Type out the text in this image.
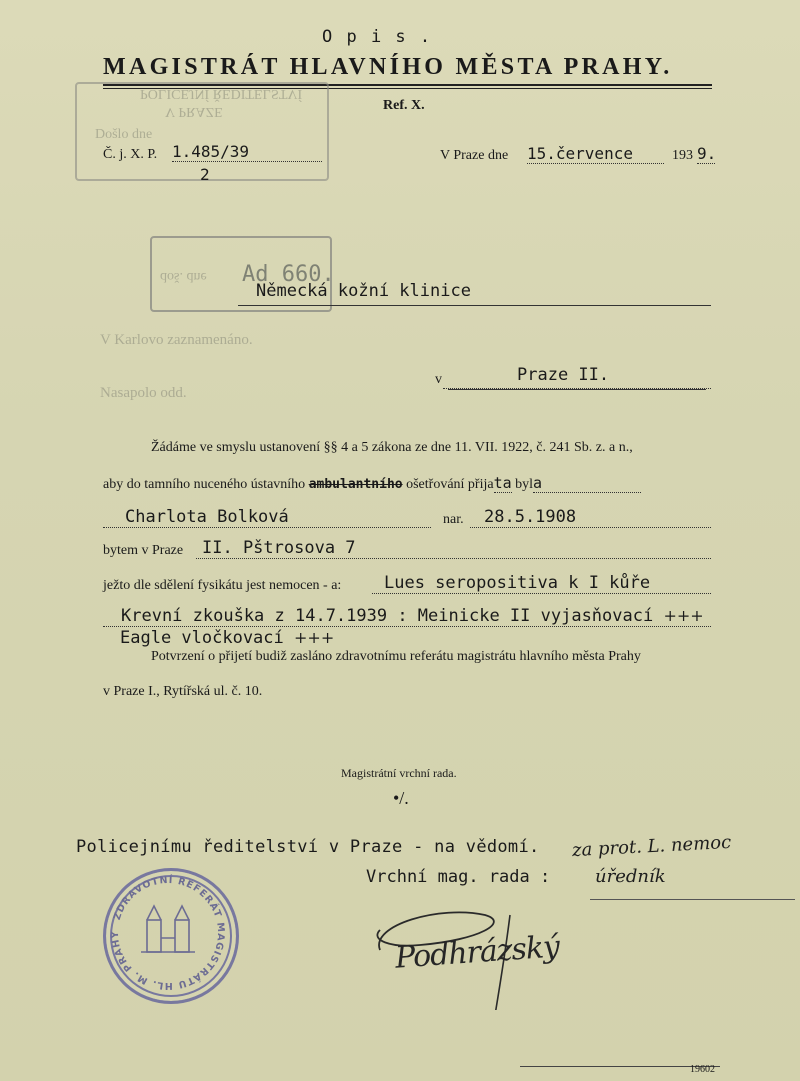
O p i s .
MAGISTRÁT HLAVNÍHO MĚSTA PRAHY.
Ref. X.
POLICEJNÍ ŘEDITELSTVÍ
V PRAZE
Došlo dne
Č. j. X. P. 1.485/39
2
V Praze dne 15.července	193 9.
doš. dne Ad 660.
V Karlovo zaznamenáno.
Nasapolo odd.
Německá kožní klinice
v	Praze II.
Žádáme ve smyslu ustanovení §§ 4 a 5 zákona ze dne 11. VII. 1922, č. 241 Sb. z. a n.,
aby do tamního nuceného ústavního ambulantního ošetřování přijata byla
Charlota Bolková	nar.	28.5.1908
bytem v Praze	II. Pštrosova 7
ježto dle sdělení fysikátu jest nemocen - a:	Lues seropositiva k I kůře
Krevní zkouška z 14.7.1939 : Meinicke II vyjasňovací +++
Eagle vločkovací +++
Potvrzení o přijetí budiž zasláno zdravotnímu referátu magistrátu hlavního města Prahy
v Praze I., Rytířská ul. č. 10.
Magistrátní vrchní rada.
•/.
Policejnímu ředitelství v Praze - na vědomí.
Vrchní mag. rada :
za prot. L. nemoc
úředník
Podhrázský
ZDRAVOTNÍ REFERÁT MAGISTRÁTU HL. M. PRAHY
19602
